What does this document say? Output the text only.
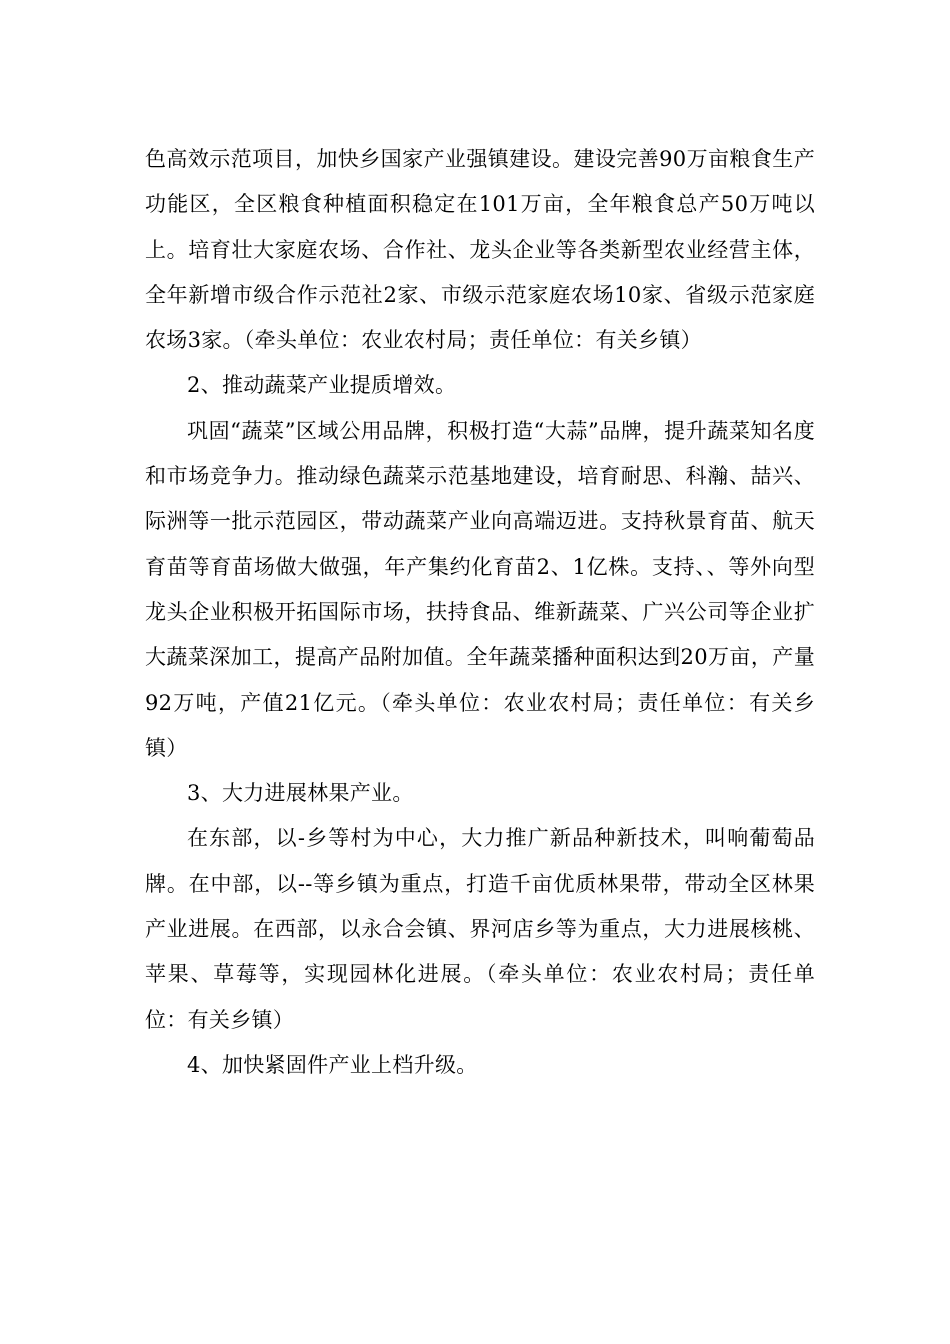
色高效示范项目，加快乡国家产业强镇建设。建设完善90万亩粮食生产功能区，全区粮食种植面积稳定在101万亩，全年粮食总产50万吨以上。培育壮大家庭农场、合作社、龙头企业等各类新型农业经营主体，全年新增市级合作示范社2家、市级示范家庭农场10家、省级示范家庭农场3家。（牵头单位：农业农村局；责任单位：有关乡镇）

2、推动蔬菜产业提质增效。

巩固“蔬菜”区域公用品牌，积极打造“大蒜”品牌，提升蔬菜知名度和市场竞争力。推动绿色蔬菜示范基地建设，培育耐思、科瀚、喆兴、际洲等一批示范园区，带动蔬菜产业向高端迈进。支持秋景育苗、航天育苗等育苗场做大做强，年产集约化育苗2、1亿株。支持、、等外向型龙头企业积极开拓国际市场，扶持食品、维新蔬菜、广兴公司等企业扩大蔬菜深加工，提高产品附加值。全年蔬菜播种面积达到20万亩，产量92万吨，产值21亿元。（牵头单位：农业农村局；责任单位：有关乡镇）

3、大力进展林果产业。

在东部，以-乡等村为中心，大力推广新品种新技术，叫响葡萄品牌。在中部，以--等乡镇为重点，打造千亩优质林果带，带动全区林果产业进展。在西部，以永合会镇、界河店乡等为重点，大力进展核桃、苹果、草莓等，实现园林化进展。（牵头单位：农业农村局；责任单位：有关乡镇）

4、加快紧固件产业上档升级。
